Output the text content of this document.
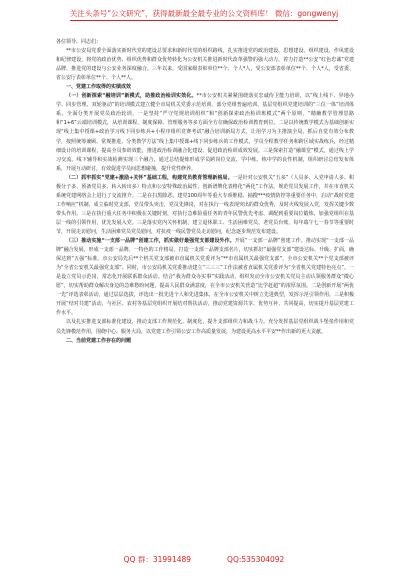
关注头条号“公文研究”，获得最新最全最专业的公文资料库！ 微信：gongwenyj

各位领导、同志们：

**市公安局党委全面落实新时代党的建设总要求和新时代党的组织路线，扎实推进党的政治建设、思想建设、组织建设、作风建设和纪律建设，将党的政治优势、组织优势和群众优势转化为公安机关推进新时代改革强警的强大动力，着力打造**公安“红色忠诚”党建品牌，推进党的建设与公安业务深度融合。三年以来，受国家级表彰单位**个、个人*人，受公安部表彰单位**个、个人*人，受省委、省公安厅表彰单位**个、个人**人。

一、党建工作取得的实绩成效

（一）创新探索“融培训”新模式，助推政治检训实效化。**市公安机关紧紧围绕落实忠诚侍卫能力培训，以“线上线下、异地办学、同步管理、双轮驱动”的培训模式建立健全市局机关党委示范培训、部分党组普遍培训、基层党组织党建培训的“三位一体”培训体系。全面分类开展党员政治轮训，一是坚持“严守党规培训组织”和“创新探索政治检训班模式”两个原则，“精确教学管理思路和“1+6”云端培训模式，从培训课程、制度保障、管理服务等多方面全方位确保政治检训教育到位。二是以传统教学模式为基础创新实现“线上集中授课+政治学习线下同步练兵+小程序组织竞赛考试”融合培训新局方式，让用学习为主推演全局，抓后自觉有效分布教学，按照统筹兼顾、常规推进、分类教学方法“线上集中授课+线下同步练兵的工作模式，学员全程教学任务和跨区域实战练兵，经过精细设计的培训课程，提高全员参训效能，推进政治检训融合化建设、促进政治检训成效发展。三是探索打造“融课堂”模式，通过线上学习交流、线下辅导和实战检测实现三个融合，通过总结提炼形成学员跨岗位交流、学中练、练中学的良性机制，组织研讨总结发布体系，开展互动研讨，有效促进学员间思想碰撞，提升党性修养。

（二）抓牢抓实“党建+激励+关怀”基础工程，构建党员教育管理新格局。一是针对公安机关“五多”（人员多、入党申请人多、积极分子多、预备党员多、转入转出多）特点和公安特殊政治属性，创新谱牌化表格化“两化”工作法，规范党员发展工作，并在市直机关系统党建网络会上进行了交流推介。二是在扫黑除恶、建党100周年等重大专项维稳、抽搜***疫情防控等重要任务中，启动“战时党建工作响应”机制，成立临时党支部，党员带头突击，党员先锋岗，对在执行一线表现突出的群众优秀，及时火线发展入党，发挥关键少数带头作用。三是在执行重大任务中积极在关键时刻，对执行急难险重任务的青年民警优先考虑、调配到重要岗位锻炼，加强党组织在基层一线的引领作用，优先发展入党。三是落实党内关怀机制，建立退休职工、生活困难党员、老党员台账，每年端午七一春节等重要时节，开展走访慰问，生活困难党员党员慰问，对抗疫一线民警党员走访慰问，纪念逐步规范发布建设。

（三）推动实施“一支部一品牌”创建工作，抓实做好最强党支部建设外作。开展“一支部一品牌”创建工作。推动实现“一支部一品牌”融合发展，形成一支部一品牌、一特色的工作格局，打造一支部一品牌支部名片，切实抓好“最强党支部”建设达标、升级、扩面，确保达到“五强”标准。市公安局先后**个机关党支部被市直属机关党委评为“**市直属机关最强党支部”，全市公安机关**个党支部被评为“全省公安机关最强党支部”。同时，市公安局机关党委推动建立“三三三”工作法被省直属机关党委评为“全省机关党建特色亮点”。一是设立党员示范岗，常态化开展联系群众活动。结合“我为群众办实事”实践活动，组织发动全市公安机关党员主动认领服务群众“微心愿”，切实帮助群众解决身边的急难愁盼问题，提高人民群众满意度，在全市公安机关营造“比学赶超”的浓厚氛围。二是创新开展“两优一先”评选表彰活动，通过层层选拔，评选出一批先进个人和先进集体，在全市公安机关中树立先进典型，发挥示范引领作用。三是积极开展“结对共建”活动，与社区、农村等基层党组织开展结对帮扶活动，推动党建资源共享、优势互补、共同提高，切实提升基层党建工作水平。

以及扎实推进支部标准化建设，推动支部工作规范化、制度化，提升支部组织力和战斗力。充分发挥基层党组织战斗堡垒作用和党员先锋模范作用，围绕中心、服务大局，以党建工作引领公安工作高质量发展，为建设更高水平平安**作出新的更大贡献。

二、当前党建工作存在的问题

QQ 群：31991489	QQ:535304092
